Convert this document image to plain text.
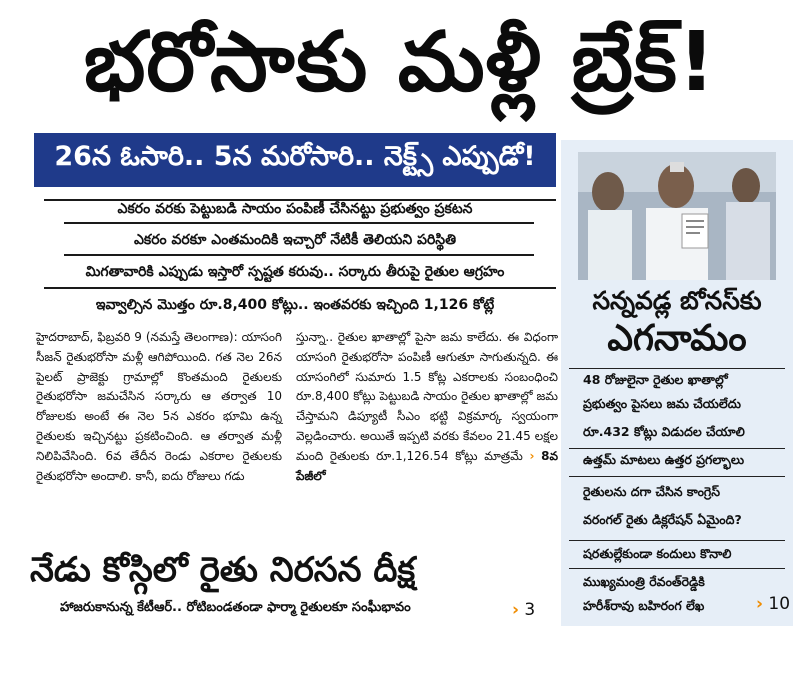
భరోసాకు మళ్లీ బ్రేక్!
26న ఓసారి.. 5న మరోసారి.. నెక్ట్స్ ఎప్పుడో!
ఎకరం వరకు పెట్టుబడి సాయం పంపిణీ చేసినట్టు ప్రభుత్వం ప్రకటన
ఎకరం వరకూ ఎంతమందికి ఇచ్చారో నేటికీ తెలియని పరిస్థితి
మిగతావారికి ఎప్పుడు ఇస్తారో స్పష్టత కరువు.. సర్కారు తీరుపై రైతుల ఆగ్రహం
ఇవ్వాల్సిన మొత్తం రూ.8,400 కోట్లు.. ఇంతవరకు ఇచ్చింది 1,126 కోట్లే

హైదరాబాద్, ఫిబ్రవరి 9 (నమస్తే తెలంగాణ): యాసంగి సీజన్ రైతుభరోసా మళ్లీ ఆగిపోయింది. గత నెల 26న పైలట్ ప్రాజెక్టు గ్రామాల్లో కొంతమంది రైతులకు రైతుభరోసా జమచేసిన సర్కారు ఆ తర్వాత 10 రోజులకు అంటే ఈ నెల 5న ఎకరం భూమి ఉన్న రైతులకు ఇచ్చినట్టు ప్రకటించింది. ఆ తర్వాత మళ్లీ నిలిపివేసింది. 6వ తేదీన రెండు ఎకరాల రైతులకు రైతుభరోసా అందాలి. కానీ, ఐదు రోజులు గడు

స్తున్నా.. రైతుల ఖాతాల్లో పైసా జమ కాలేదు. ఈ విధంగా యాసంగి రైతుభరోసా పంపిణీ ఆగుతూ సాగుతున్నది. ఈ యాసంగిలో సుమారు 1.5 కోట్ల ఎకరాలకు సంబంధించి రూ.8,400 కోట్లు పెట్టుబడి సాయం రైతుల ఖాతాల్లో జమ చేస్తామని డిప్యూటీ సీఎం భట్టి విక్రమార్క స్వయంగా వెల్లడించారు. అయితే ఇప్పటి వరకు కేవలం 21.45 లక్షల మంది రైతులకు రూ.1,126.54 కోట్లు మాత్రమే › 8వ పేజీలో

నేడు కోస్గిలో రైతు నిరసన దీక్ష
హాజరుకానున్న కేటీఆర్.. రోటిబండతండా ఫార్మా రైతులకూ సంఘీభావం	› 3
సన్నవడ్ల బోనస్‌కు
ఎగనామం
48 రోజులైనా రైతుల ఖాతాల్లో
ప్రభుత్వం పైసలు జమ చేయలేదు
రూ.432 కోట్లు విడుదల చేయాలి
ఉత్తమ్ మాటలు ఉత్తర ప్రగల్భాలు
రైతులను దగా చేసిన కాంగ్రెస్
వరంగల్ రైతు డిక్లరేషన్ ఏమైంది?
షరతుల్లేకుండా కందులు కొనాలి
ముఖ్యమంత్రి రేవంత్‌రెడ్డికి
హరీశ్‌రావు బహిరంగ లేఖ	› 10
